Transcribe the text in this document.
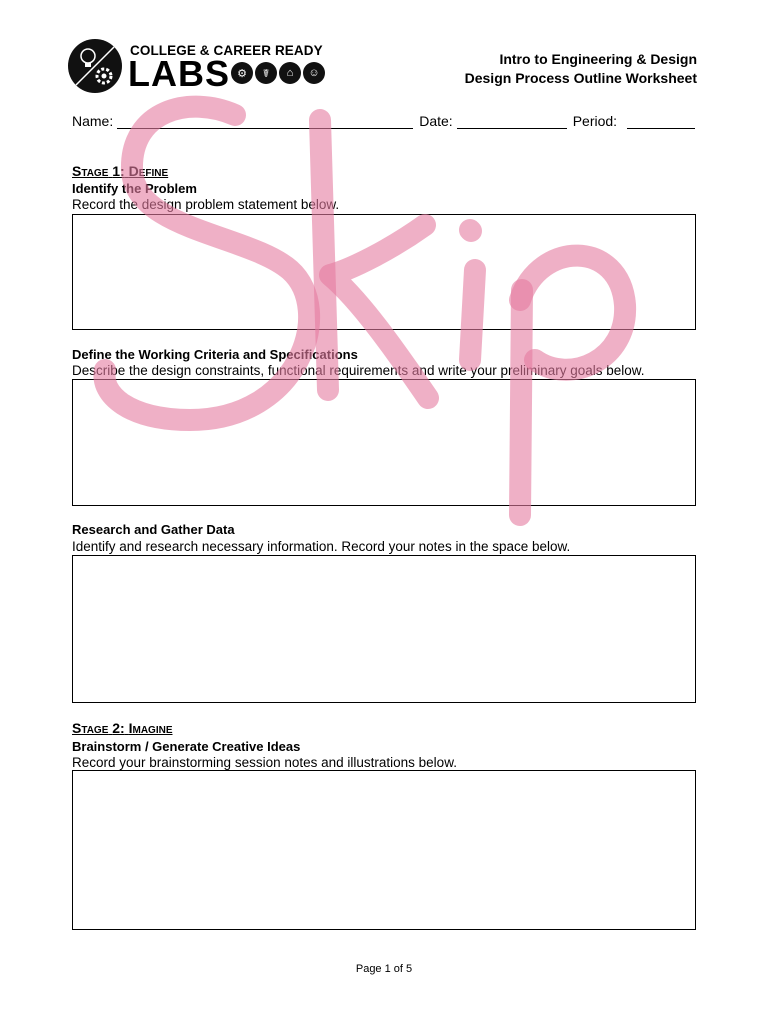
COLLEGE & CAREER READY
LABS ⚙	☤	⌂	☺
Intro to Engineering & Design
Design Process Outline Worksheet
Name:	Date:	Period:
Stage 1: Define
Identify the Problem
Record the design problem statement below.
Define the Working Criteria and Specifications
Describe the design constraints, functional requirements and write your preliminary goals below.
Research and Gather Data
Identify and research necessary information. Record your notes in the space below.
Stage 2: Imagine
Brainstorm / Generate Creative Ideas
Record your brainstorming session notes and illustrations below.
Page 1 of 5
